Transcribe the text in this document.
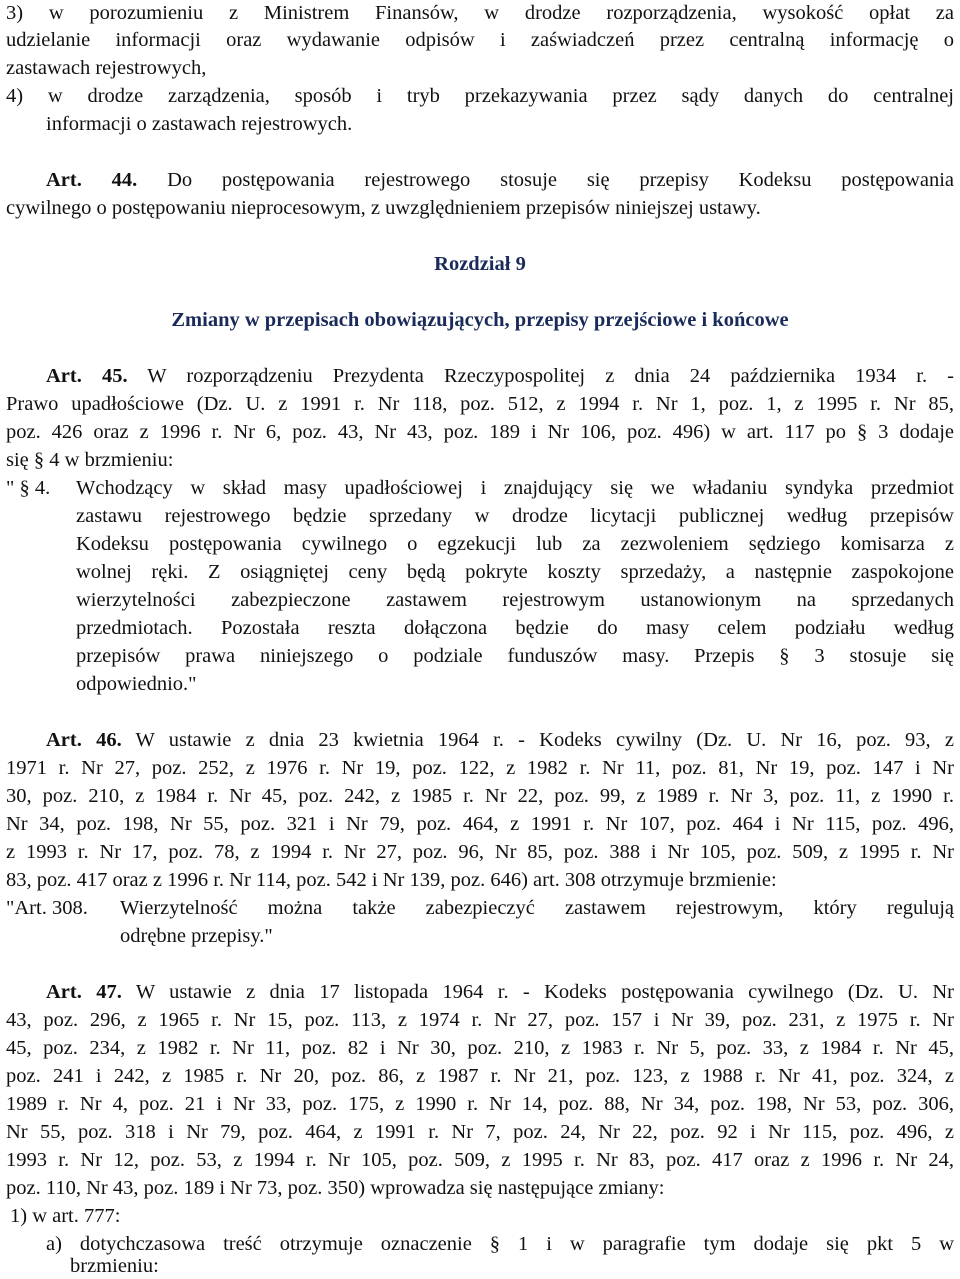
3) w porozumieniu z Ministrem Finansów, w drodze rozporządzenia, wysokość opłat za
udzielanie informacji oraz wydawanie odpisów i zaświadczeń przez centralną informację o
zastawach rejestrowych,
4) w drodze zarządzenia, sposób i tryb przekazywania przez sądy danych do centralnej
informacji o zastawach rejestrowych.
Art. 44. Do postępowania rejestrowego stosuje się przepisy Kodeksu postępowania
cywilnego o postępowaniu nieprocesowym, z uwzględnieniem przepisów niniejszej ustawy.
Rozdział 9
Zmiany w przepisach obowiązujących, przepisy przejściowe i końcowe
Art. 45. W rozporządzeniu Prezydenta Rzeczypospolitej z dnia 24 października 1934 r. -
Prawo upadłościowe (Dz. U. z 1991 r. Nr 118, poz. 512, z 1994 r. Nr 1, poz. 1, z 1995 r. Nr 85,
poz. 426 oraz z 1996 r. Nr 6, poz. 43, Nr 43, poz. 189 i Nr 106, poz. 496) w art. 117 po § 3 dodaje
się § 4 w brzmieniu:
" § 4.	Wchodzący w skład masy upadłościowej i znajdujący się we władaniu syndyka przedmiot
zastawu rejestrowego będzie sprzedany w drodze licytacji publicznej według przepisów
Kodeksu postępowania cywilnego o egzekucji lub za zezwoleniem sędziego komisarza z
wolnej ręki. Z osiągniętej ceny będą pokryte koszty sprzedaży, a następnie zaspokojone
wierzytelności zabezpieczone zastawem rejestrowym ustanowionym na sprzedanych
przedmiotach. Pozostała reszta dołączona będzie do masy celem podziału według
przepisów prawa niniejszego o podziale funduszów masy. Przepis § 3 stosuje się
odpowiednio."
Art. 46. W ustawie z dnia 23 kwietnia 1964 r. - Kodeks cywilny (Dz. U. Nr 16, poz. 93, z
1971 r. Nr 27, poz. 252, z 1976 r. Nr 19, poz. 122, z 1982 r. Nr 11, poz. 81, Nr 19, poz. 147 i Nr
30, poz. 210, z 1984 r. Nr 45, poz. 242, z 1985 r. Nr 22, poz. 99, z 1989 r. Nr 3, poz. 11, z 1990 r.
Nr 34, poz. 198, Nr 55, poz. 321 i Nr 79, poz. 464, z 1991 r. Nr 107, poz. 464 i Nr 115, poz. 496,
z 1993 r. Nr 17, poz. 78, z 1994 r. Nr 27, poz. 96, Nr 85, poz. 388 i Nr 105, poz. 509, z 1995 r. Nr
83, poz. 417 oraz z 1996 r. Nr 114, poz. 542 i Nr 139, poz. 646) art. 308 otrzymuje brzmienie:
"Art. 308.	Wierzytelność można także zabezpieczyć zastawem rejestrowym, który regulują
odrębne przepisy."
Art. 47. W ustawie z dnia 17 listopada 1964 r. - Kodeks postępowania cywilnego (Dz. U. Nr
43, poz. 296, z 1965 r. Nr 15, poz. 113, z 1974 r. Nr 27, poz. 157 i Nr 39, poz. 231, z 1975 r. Nr
45, poz. 234, z 1982 r. Nr 11, poz. 82 i Nr 30, poz. 210, z 1983 r. Nr 5, poz. 33, z 1984 r. Nr 45,
poz. 241 i 242, z 1985 r. Nr 20, poz. 86, z 1987 r. Nr 21, poz. 123, z 1988 r. Nr 41, poz. 324, z
1989 r. Nr 4, poz. 21 i Nr 33, poz. 175, z 1990 r. Nr 14, poz. 88, Nr 34, poz. 198, Nr 53, poz. 306,
Nr 55, poz. 318 i Nr 79, poz. 464, z 1991 r. Nr 7, poz. 24, Nr 22, poz. 92 i Nr 115, poz. 496, z
1993 r. Nr 12, poz. 53, z 1994 r. Nr 105, poz. 509, z 1995 r. Nr 83, poz. 417 oraz z 1996 r. Nr 24,
poz. 110, Nr 43, poz. 189 i Nr 73, poz. 350) wprowadza się następujące zmiany:
1) w art. 777:
a) dotychczasowa treść otrzymuje oznaczenie § 1 i w paragrafie tym dodaje się pkt 5 w
brzmieniu:
